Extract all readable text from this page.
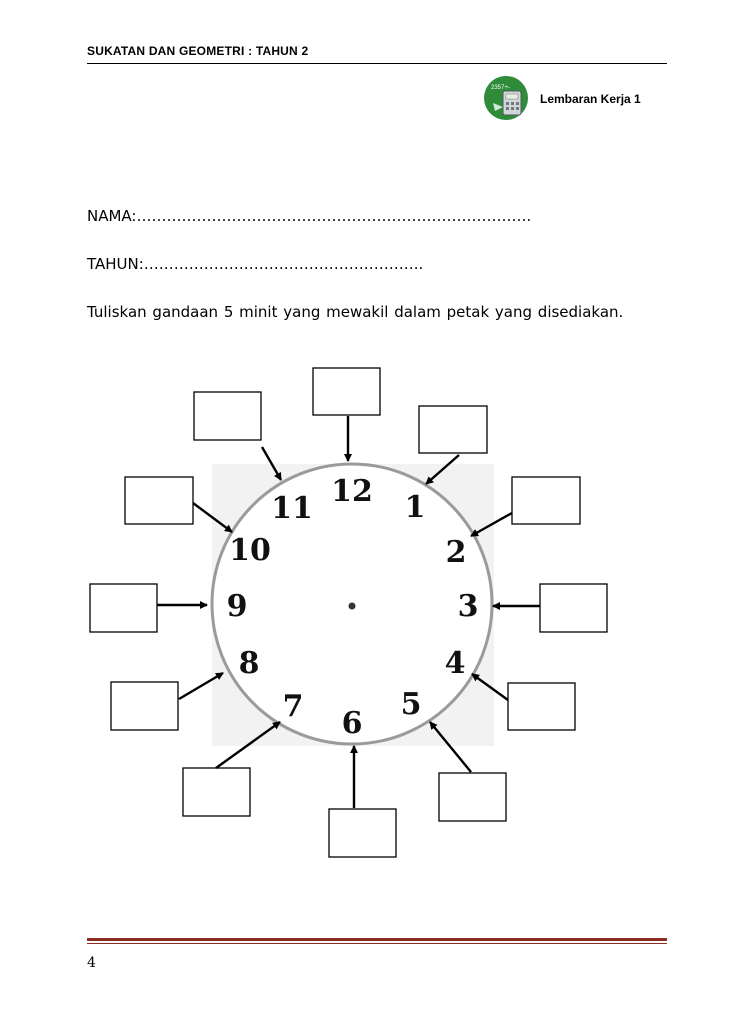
SUKATAN DAN GEOMETRI : TAHUN 2
2357+-
Lembaran Kerja 1
NAMA:…………………………………………………………………….
TAHUN:………………………………………………..
Tuliskan gandaan 5 minit yang mewakil dalam petak yang disediakan.
12 1
2
3
4
5
6
7
8
9
10
11
4
